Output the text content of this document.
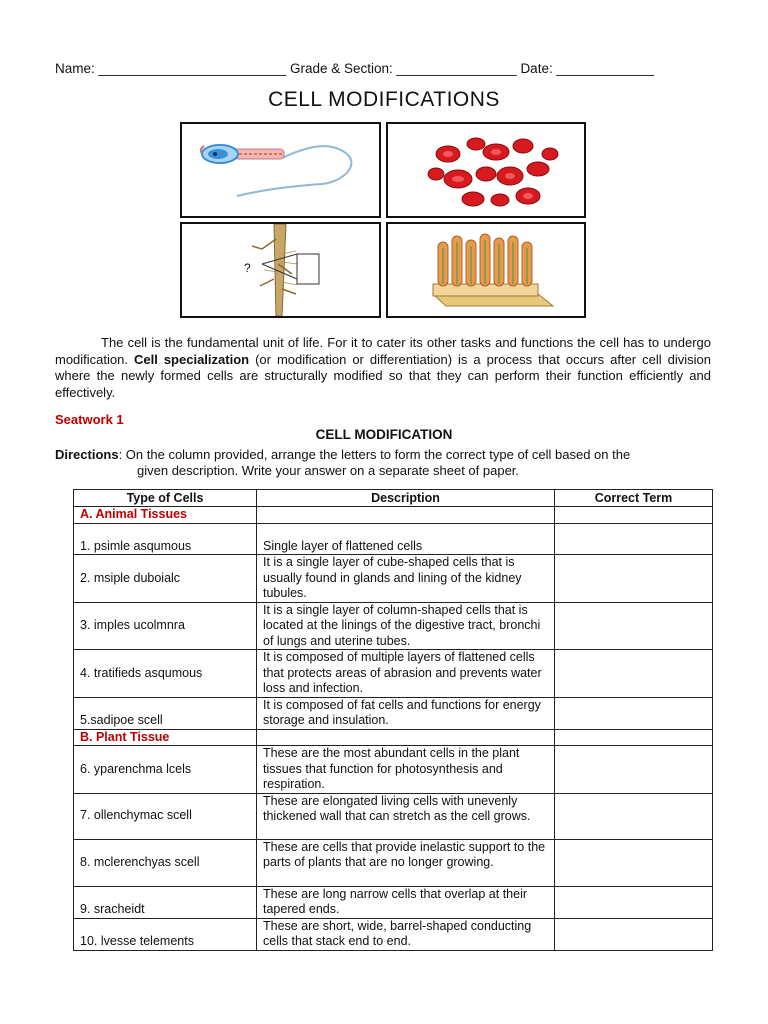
Name: _________________________ Grade & Section: ________________ Date: _____________
CELL MODIFICATIONS
?
The cell is the fundamental unit of life. For it to cater its other tasks and functions the cell has to undergo modification. Cell specialization (or modification or differentiation) is a process that occurs after cell division where the newly formed cells are structurally modified so that they can perform their function efficiently and effectively.
Seatwork 1
CELL MODIFICATION
Directions: On the column provided, arrange the letters to form the correct type of cell based on the
given description. Write your answer on a separate sheet of paper.
Type of Cells	Description	Correct Term
A. Animal Tissues		
1. psimle asqumous	Single layer of flattened cells	
2. msiple duboialc	It is a single layer of cube-shaped cells that is usually found in glands and lining of the kidney tubules.	
3. imples ucolmnra	It is a single layer of column-shaped cells that is located at the linings of the digestive tract, bronchi of lungs and uterine tubes.	
4. tratifieds asqumous	It is composed of multiple layers of flattened cells that protects areas of abrasion and prevents water loss and infection.	
5.sadipoe scell	It is composed of fat cells and functions for energy storage and insulation.	
B. Plant Tissue		
6. yparenchma lcels	These are the most abundant cells in the plant tissues that function for photosynthesis and respiration.	
7. ollenchymac scell	These are elongated living cells with unevenly thickened wall that can stretch as the cell grows.	
8. mclerenchyas scell	These are cells that provide inelastic support to the parts of plants that are no longer growing.	
9. sracheidt	These are long narrow cells that overlap at their tapered ends.	
10. lvesse telements	These are short, wide, barrel-shaped conducting cells that stack end to end.	
